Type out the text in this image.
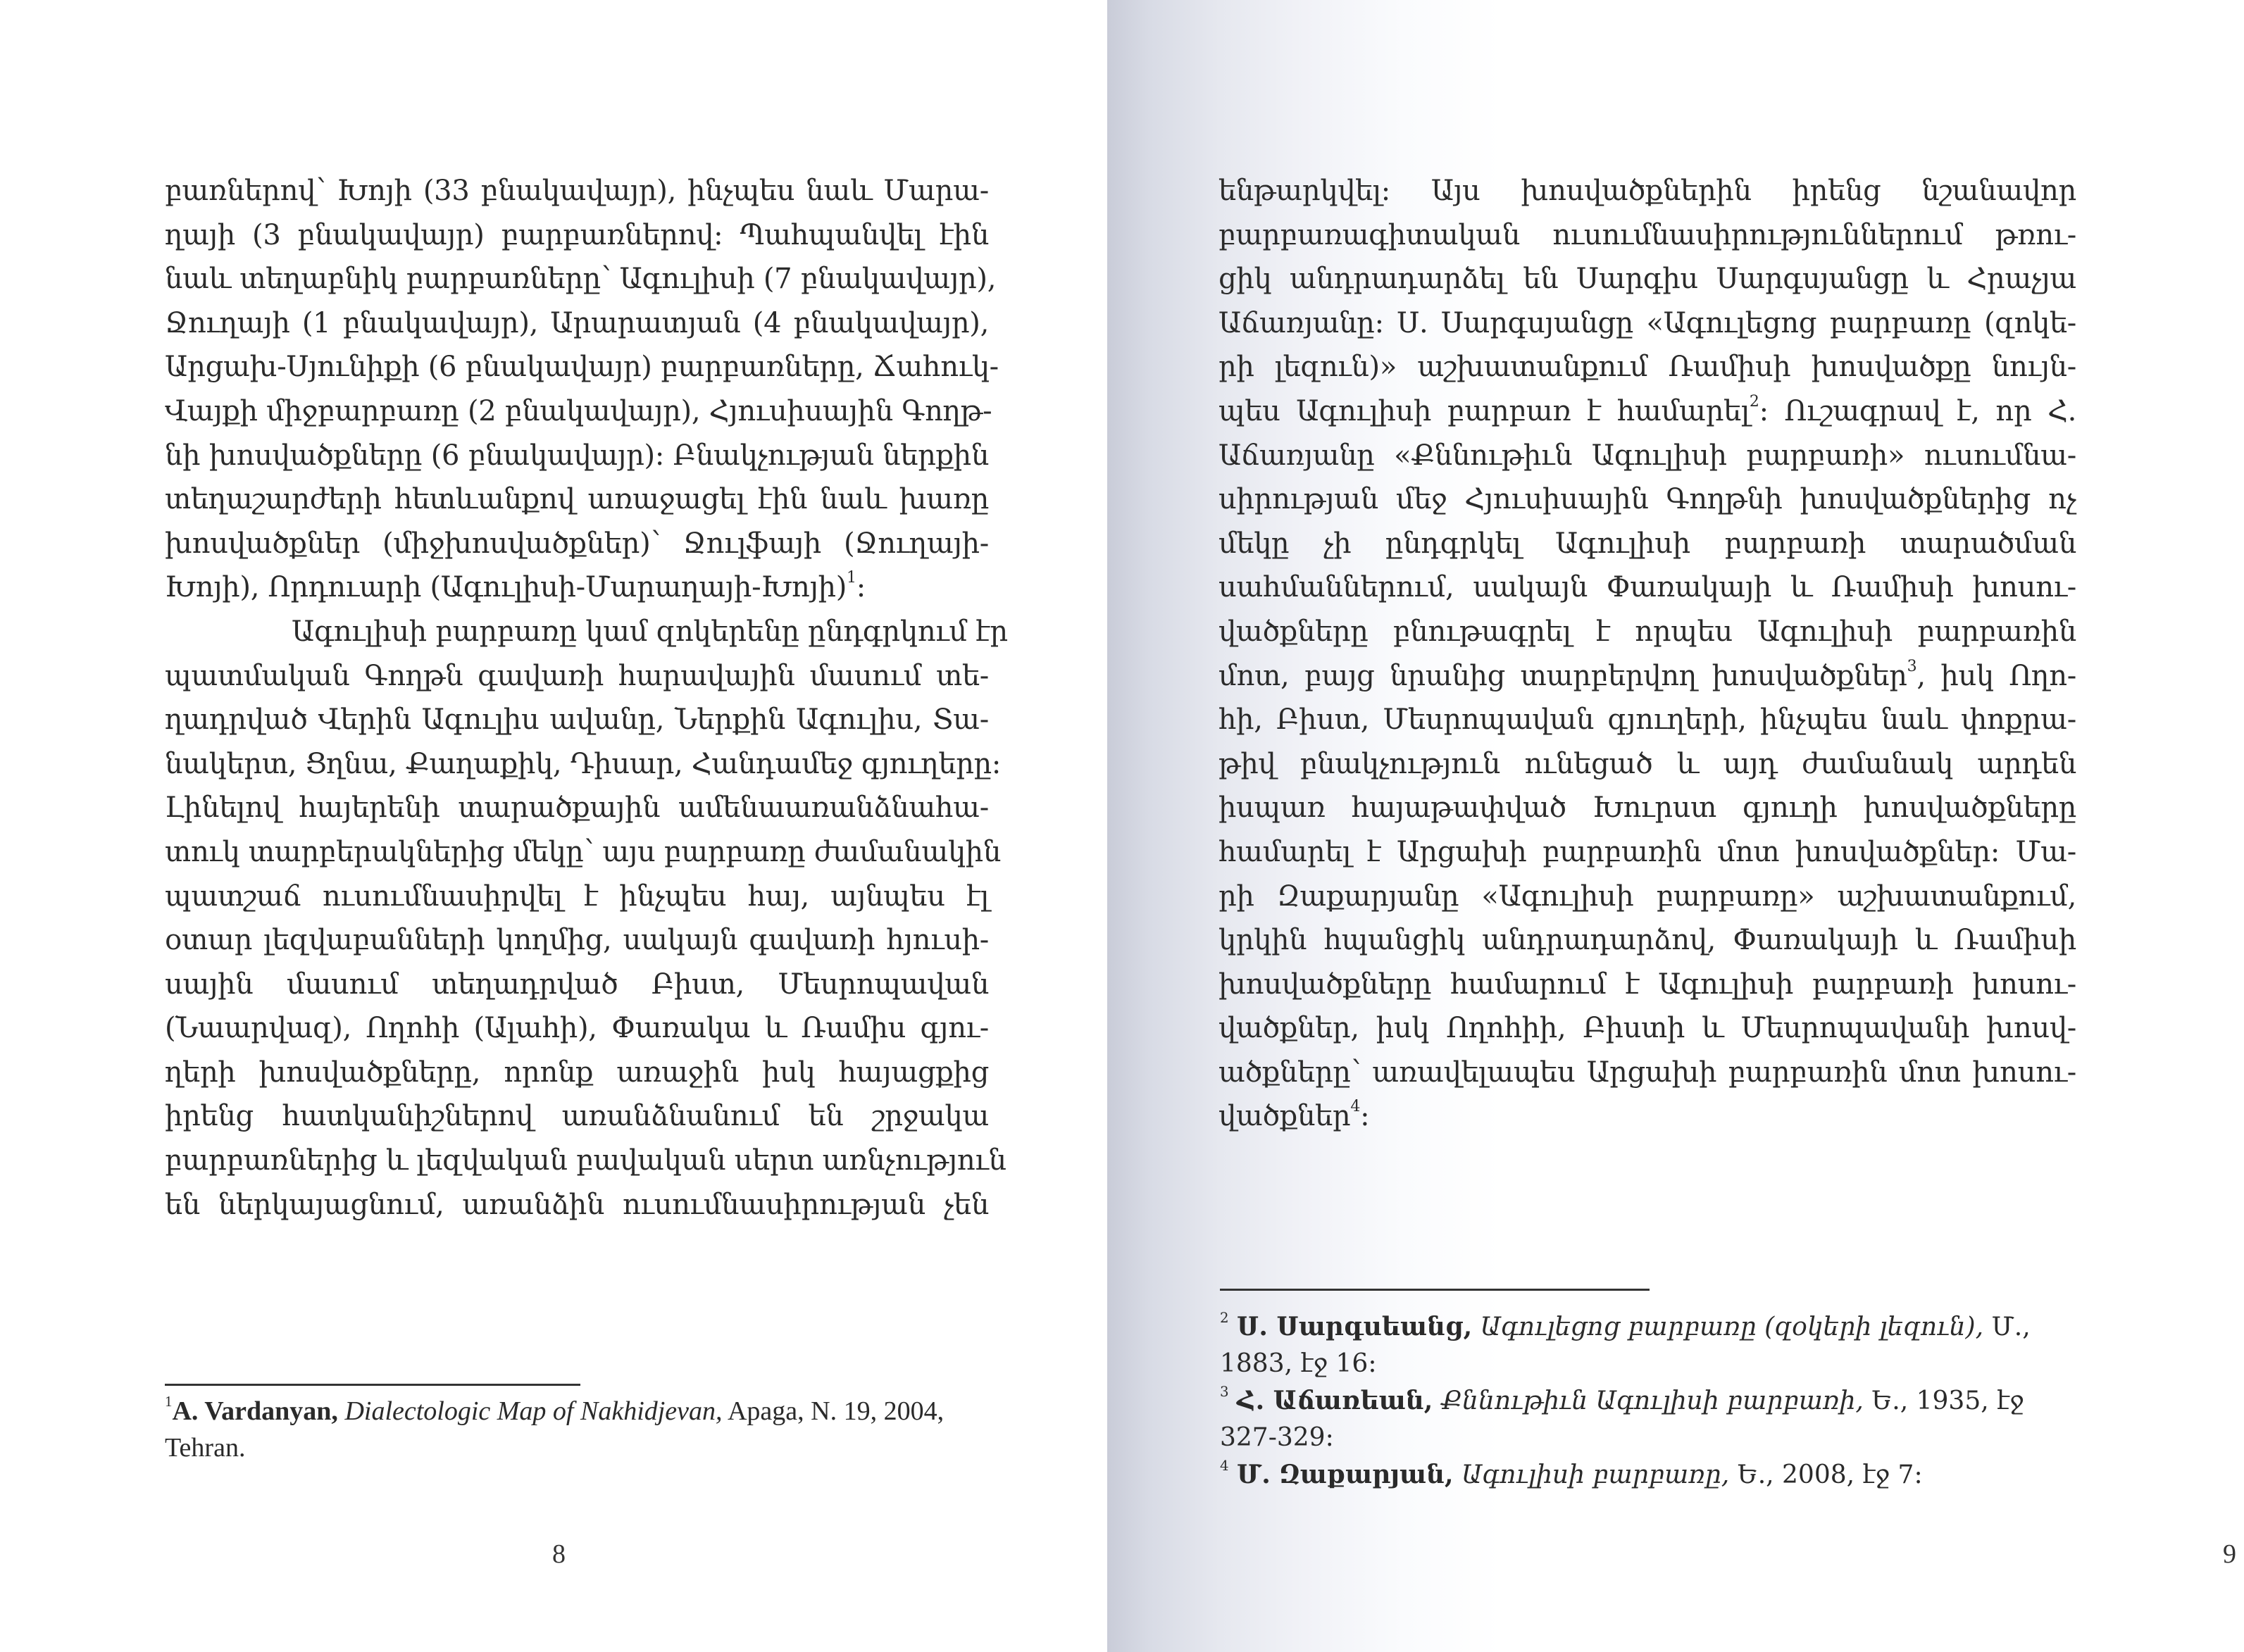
բառներով՝ Խոյի (33 բնակավայր), ինչպես նաև Մարա-
ղայի (3 բնակավայր) բարբառներով: Պահպանվել էին
նաև տեղաբնիկ բարբառները՝ Ագուլիսի (7 բնակավայր),
Ջուղայի (1 բնակավայր), Արարատյան (4 բնակավայր),
Արցախ-Սյունիքի (6 բնակավայր) բարբառները, Ճահուկ-
Վայքի միջբարբառը (2 բնակավայր), Հյուսիսային Գողթ-
նի խոսվածքները (6 բնակավայր): Բնակչության ներքին
տեղաշարժերի հետևանքով առաջացել էին նաև խառը
խոսվածքներ (միջխոսվածքներ)՝ Ջուլֆայի (Ջուղայի-
Խոյի), Որդուարի (Ագուլիսի-Մարաղայի-Խոյի)$^1$:
Ագուլիսի բարբառը կամ զոկերենը ընդգրկում էր
պատմական Գողթն գավառի հարավային մասում տե-
ղադրված Վերին Ագուլիս ավանը, Ներքին Ագուլիս, Տա-
նակերտ, Ցղնա, Քաղաքիկ, Դիսար, Հանդամեջ գյուղերը:
Լինելով հայերենի տարածքային ամենաառանձնահա-
տուկ տարբերակներից մեկը՝ այս բարբառը ժամանակին
պատշաճ ուսումնասիրվել է ինչպես հայ, այնպես էլ
օտար լեզվաբանների կողմից, սակայն գավառի հյուսի-
սային մասում տեղադրված Բիստ, Մեսրոպավան
(Նաարվազ), Ողոհի (Ալաhի), Փառակա և Ռամիս գյու-
ղերի խոսվածքները, որոնք առաջին իսկ հայացքից
իրենց հատկանիշներով առանձնանում են շրջակա
բարբառներից և լեզվական բավական սերտ առնչություն
են ներկայացնում, առանձին ուսումնասիրության չեն
$^1$A. Vardanyan, Dialectologic Map of Nakhidjevan, Apaga, N. 19, 2004, Tehran.
8
ենթարկվել: Այս խոսվածքներին իրենց նշանավոր
բարբառագիտական ուսումնասիրություններում թռու-
ցիկ անդրադարձել են Սարգիս Սարգսյանցը և Հրաչյա
Աճառյանը: Ս. Սարգսյանցը «Ագուլեցոց բարբառը (զոկե-
րի լեզուն)» աշխատանքում Ռամիսի խոսվածքը նույն-
պես Ագուլիսի բարբառ է համարել$^2$: Ուշագրավ է, որ Հ.
Աճառյանը «Քննութիւն Ագուլիսի բարբառի» ուսումնա-
սիրության մեջ Հյուսիսային Գողթնի խոսվածքներից ոչ
մեկը չի ընդգրկել Ագուլիսի բարբառի տարածման
սահմաններում, սակայն Փառակայի և Ռամիսի խոսու-
վածքները բնութագրել է որպես Ագուլիսի բարբառին
մոտ, բայց նրանից տարբերվող խոսվածքներ$^3$, իսկ Ողո-
հի, Բիստ, Մեսրոպավան գյուղերի, ինչպես նաև փոքրա-
թիվ բնակչություն ունեցած և այդ ժամանակ արդեն
իսպառ հայաթափված Խուրստ գյուղի խոսվածքները
համարել է Արցախի բարբառին մոտ խոսվածքներ: Մա-
րի Զաքարյանը «Ագուլիսի բարբառը» աշխատանքում,
կրկին հպանցիկ անդրադարձով, Փառակայի և Ռամիսի
խոսվածքները համարում է Ագուլիսի բարբառի խոսու-
վածքներ, իսկ Ողոհիի, Բիստի և Մեսրոպավանի խոսվ-
ածքները՝ առավելապես Արցախի բարբառին մոտ խոսու-
վածքներ$^4$:
$^2$ Ս. Սարգսեանց, Ագուլեցոց բարբառը (զօկերի լեզուն), Մ., 1883, էջ 16:
$^3$ Հ. Աճառեան, Քննութիւն Ագուլիսի բարբառի, Ե., 1935, էջ 327-329:
$^4$ Մ. Զաքարյան, Ագուլիսի բարբառը, Ե., 2008, էջ 7:
9
